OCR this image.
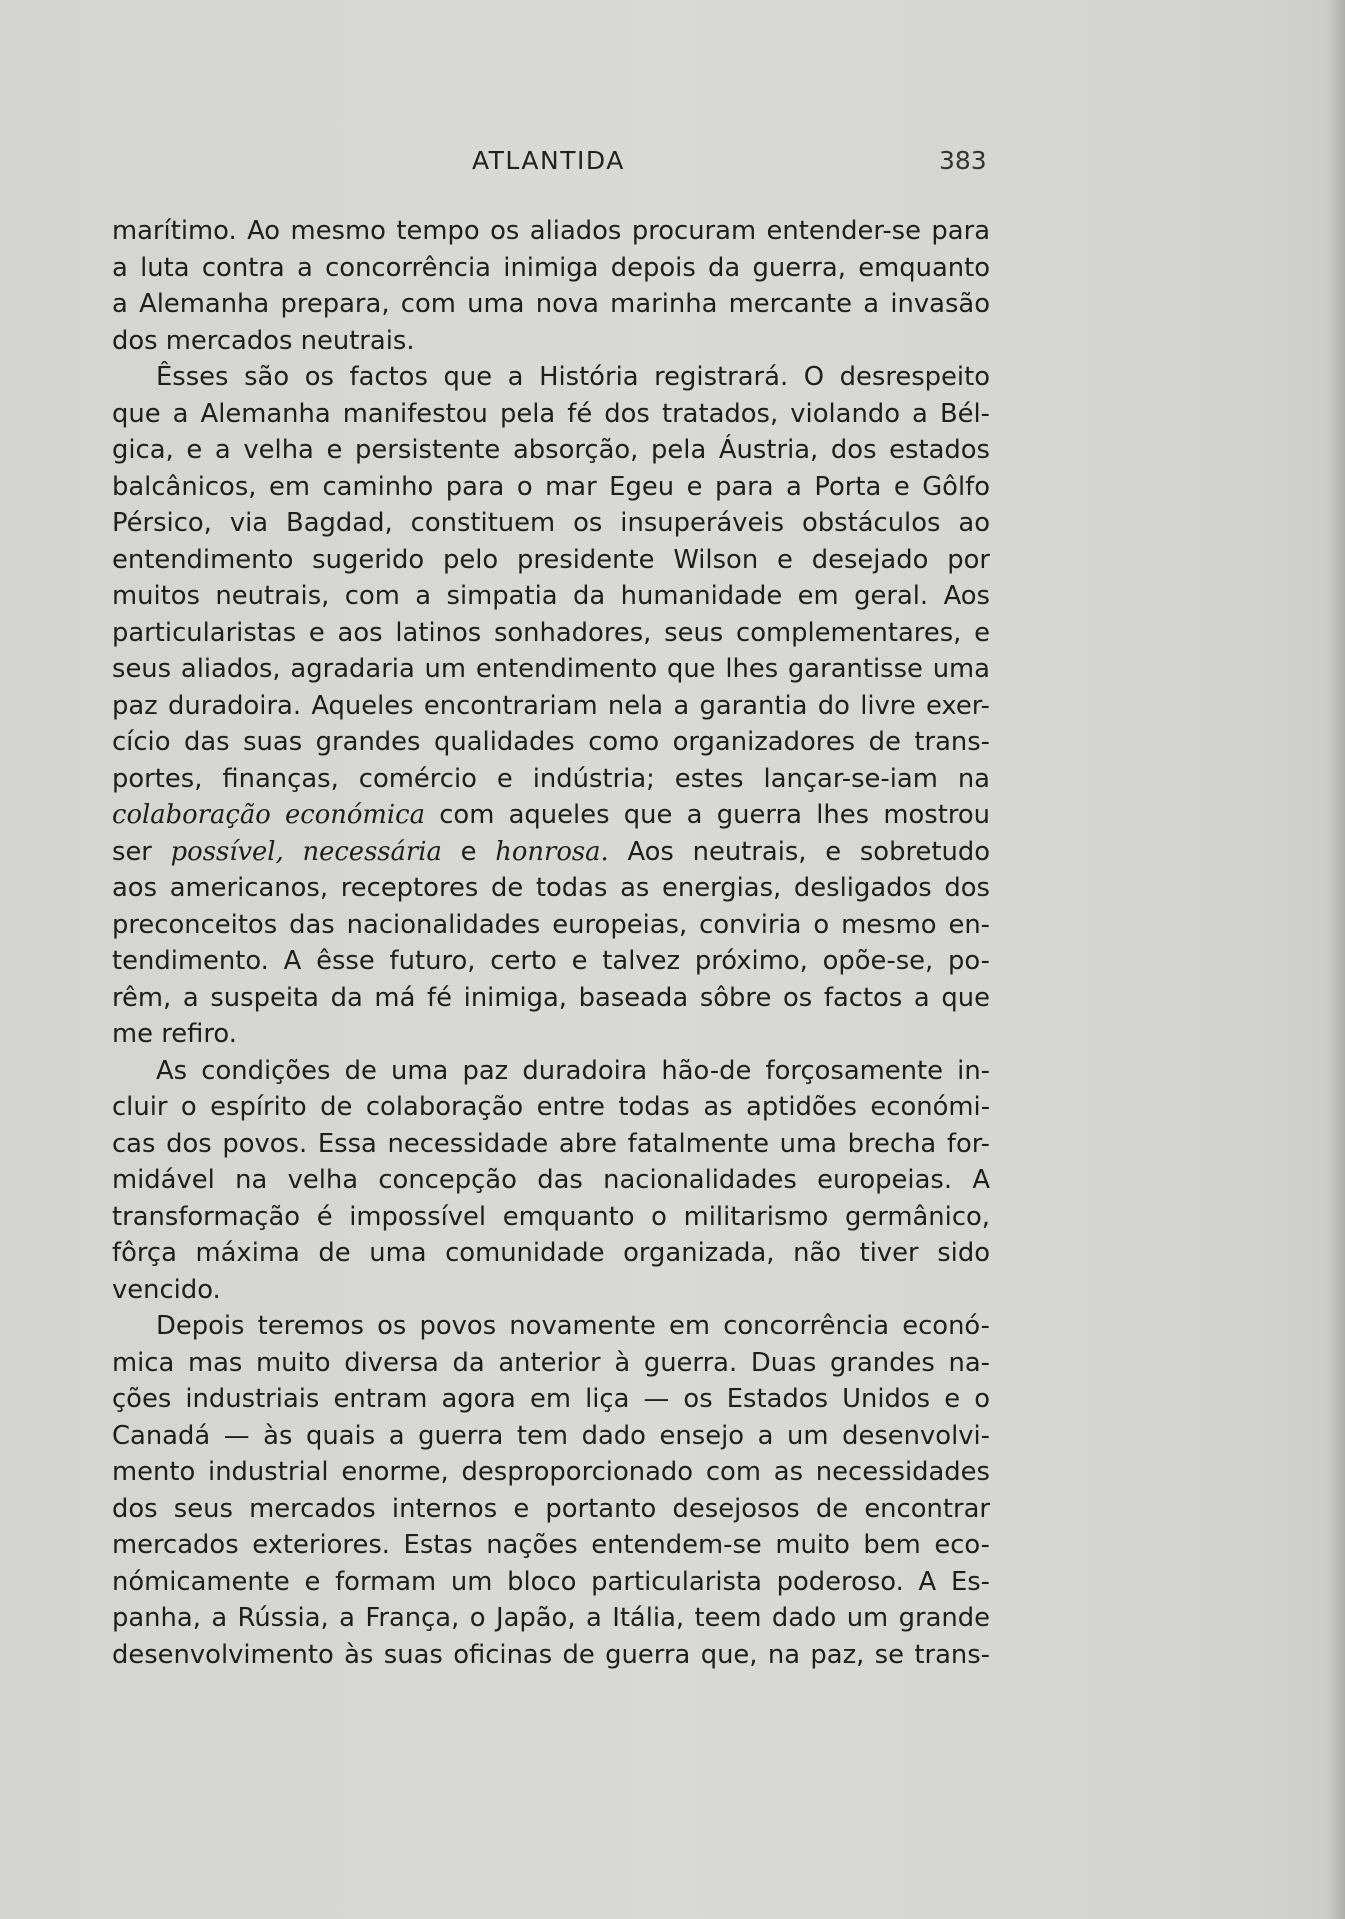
ATLANTIDA	383
marítimo. Ao mesmo tempo os aliados procuram entender-se para
a luta contra a concorrência inimiga depois da guerra, emquanto
a Alemanha prepara, com uma nova marinha mercante a invasão
dos mercados neutrais.
Êsses são os factos que a História registrará. O desrespeito
que a Alemanha manifestou pela fé dos tratados, violando a Bél-
gica, e a velha e persistente absorção, pela Áustria, dos estados
balcânicos, em caminho para o mar Egeu e para a Porta e Gôlfo
Pérsico, via Bagdad, constituem os insuperáveis obstáculos ao
entendimento sugerido pelo presidente Wilson e desejado por
muitos neutrais, com a simpatia da humanidade em geral. Aos
particularistas e aos latinos sonhadores, seus complementares, e
seus aliados, agradaria um entendimento que lhes garantisse uma
paz duradoira. Aqueles encontrariam nela a garantia do livre exer-
cício das suas grandes qualidades como organizadores de trans-
portes, finanças, comércio e indústria; estes lançar-se-iam na
colaboração económica com aqueles que a guerra lhes mostrou
ser possível, necessária e honrosa. Aos neutrais, e sobretudo
aos americanos, receptores de todas as energias, desligados dos
preconceitos das nacionalidades europeias, conviria o mesmo en-
tendimento. A êsse futuro, certo e talvez próximo, opõe-se, po-
rêm, a suspeita da má fé inimiga, baseada sôbre os factos a que
me refiro.
As condições de uma paz duradoira hão-de forçosamente in-
cluir o espírito de colaboração entre todas as aptidões económi-
cas dos povos. Essa necessidade abre fatalmente uma brecha for-
midável na velha concepção das nacionalidades europeias. A
transformação é impossível emquanto o militarismo germânico,
fôrça máxima de uma comunidade organizada, não tiver sido
vencido.
Depois teremos os povos novamente em concorrência econó-
mica mas muito diversa da anterior à guerra. Duas grandes na-
ções industriais entram agora em liça — os Estados Unidos e o
Canadá — às quais a guerra tem dado ensejo a um desenvolvi-
mento industrial enorme, desproporcionado com as necessidades
dos seus mercados internos e portanto desejosos de encontrar
mercados exteriores. Estas nações entendem-se muito bem eco-
nómicamente e formam um bloco particularista poderoso. A Es-
panha, a Rússia, a França, o Japão, a Itália, teem dado um grande
desenvolvimento às suas oficinas de guerra que, na paz, se trans-
